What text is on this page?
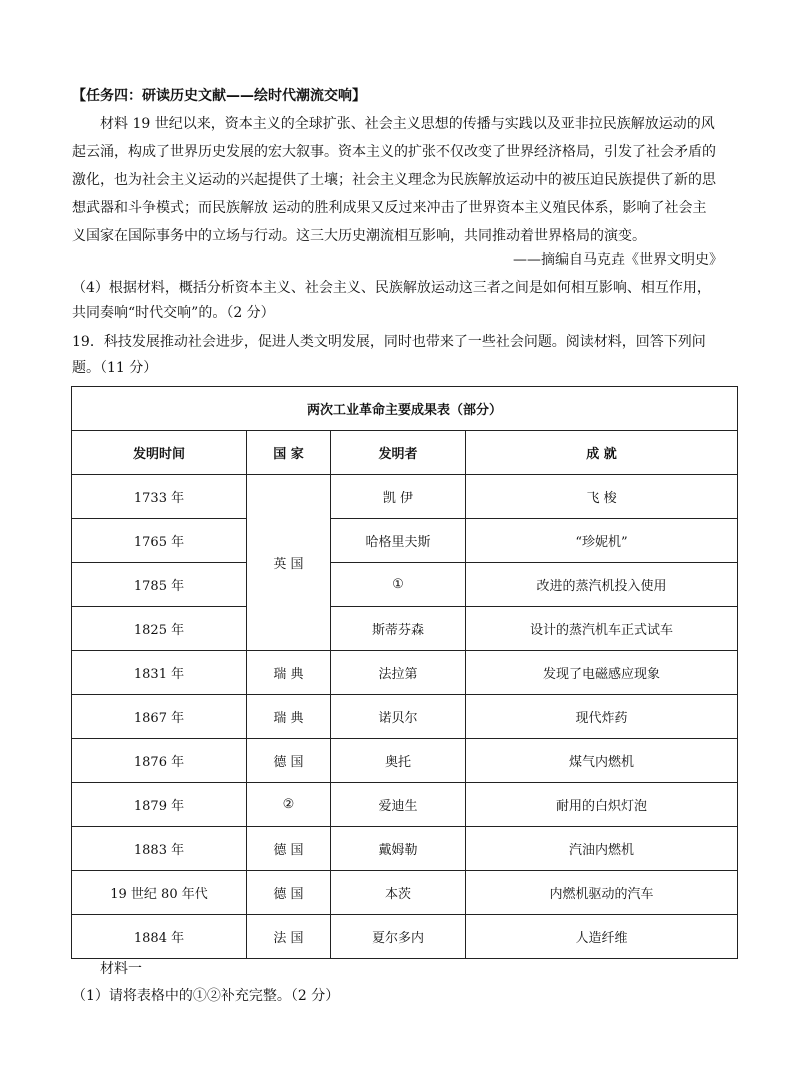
【任务四：研读历史文献——绘时代潮流交响】
材料 19 世纪以来，资本主义的全球扩张、社会主义思想的传播与实践以及亚非拉民族解放运动的风
起云涌，构成了世界历史发展的宏大叙事。资本主义的扩张不仅改变了世界经济格局，引发了社会矛盾的
激化，也为社会主义运动的兴起提供了土壤；社会主义理念为民族解放运动中的被压迫民族提供了新的思
想武器和斗争模式；而民族解放 运动的胜利成果又反过来冲击了世界资本主义殖民体系，影响了社会主
义国家在国际事务中的立场与行动。这三大历史潮流相互影响，共同推动着世界格局的演变。
——摘编自马克垚《世界文明史》
（4）根据材料，概括分析资本主义、社会主义、民族解放运动这三者之间是如何相互影响、相互作用，
共同奏响“时代交响”的。（2 分）
19．科技发展推动社会进步，促进人类文明发展，同时也带来了一些社会问题。阅读材料，回答下列问
题。（11 分）
两次工业革命主要成果表（部分）			
发明时间	国 家	发明者	成 就
1733 年	英 国	凯 伊	飞 梭
1765 年		哈格里夫斯	“珍妮机”
1785 年		①	改进的蒸汽机投入使用
1825 年		斯蒂芬森	设计的蒸汽机车正式试车
1831 年	瑞 典	法拉第	发现了电磁感应现象
1867 年	瑞 典	诺贝尔	现代炸药
1876 年	德 国	奥托	煤气内燃机
1879 年	②	爱迪生	耐用的白炽灯泡
1883 年	德 国	戴姆勒	汽油内燃机
19 世纪 80 年代	德 国	本茨	内燃机驱动的汽车
1884 年	法 国	夏尔多内	人造纤维
材料一
（1）请将表格中的①②补充完整。（2 分）
